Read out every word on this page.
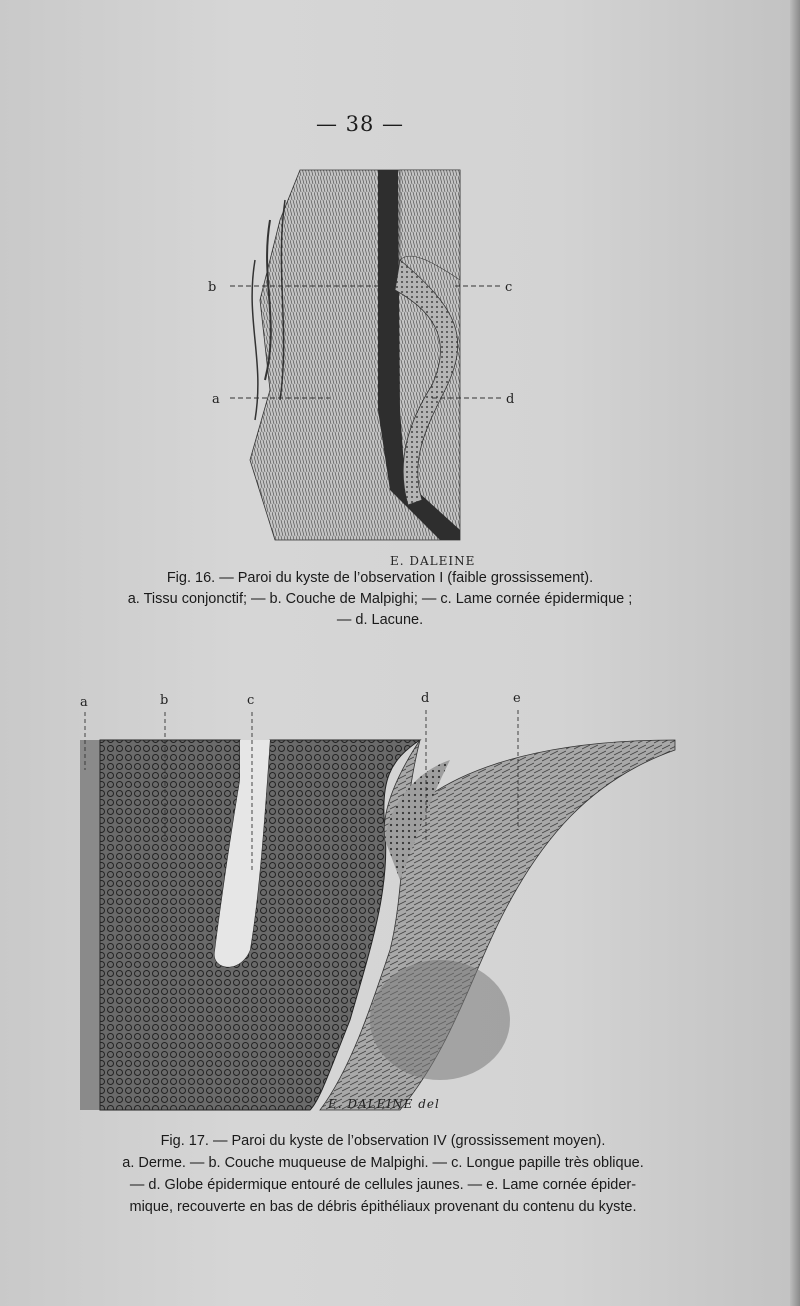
— 38 —
b
a
c
d
E. DALEINE
Fig. 16. — Paroi du kyste de l’observation I (faible grossissement).
a. Tissu conjonctif; — b. Couche de Malpighi; — c. Lame cornée épidermique ;
— d. Lacune.
a	b	c	d	e
E. DALEINE del
Fig. 17. — Paroi du kyste de l’observation IV (grossissement moyen).
a. Derme. — b. Couche muqueuse de Malpighi. — c. Longue papille très oblique.
— d. Globe épidermique entouré de cellules jaunes. — e. Lame cornée épider-
mique, recouverte en bas de débris épithéliaux provenant du contenu du kyste.
